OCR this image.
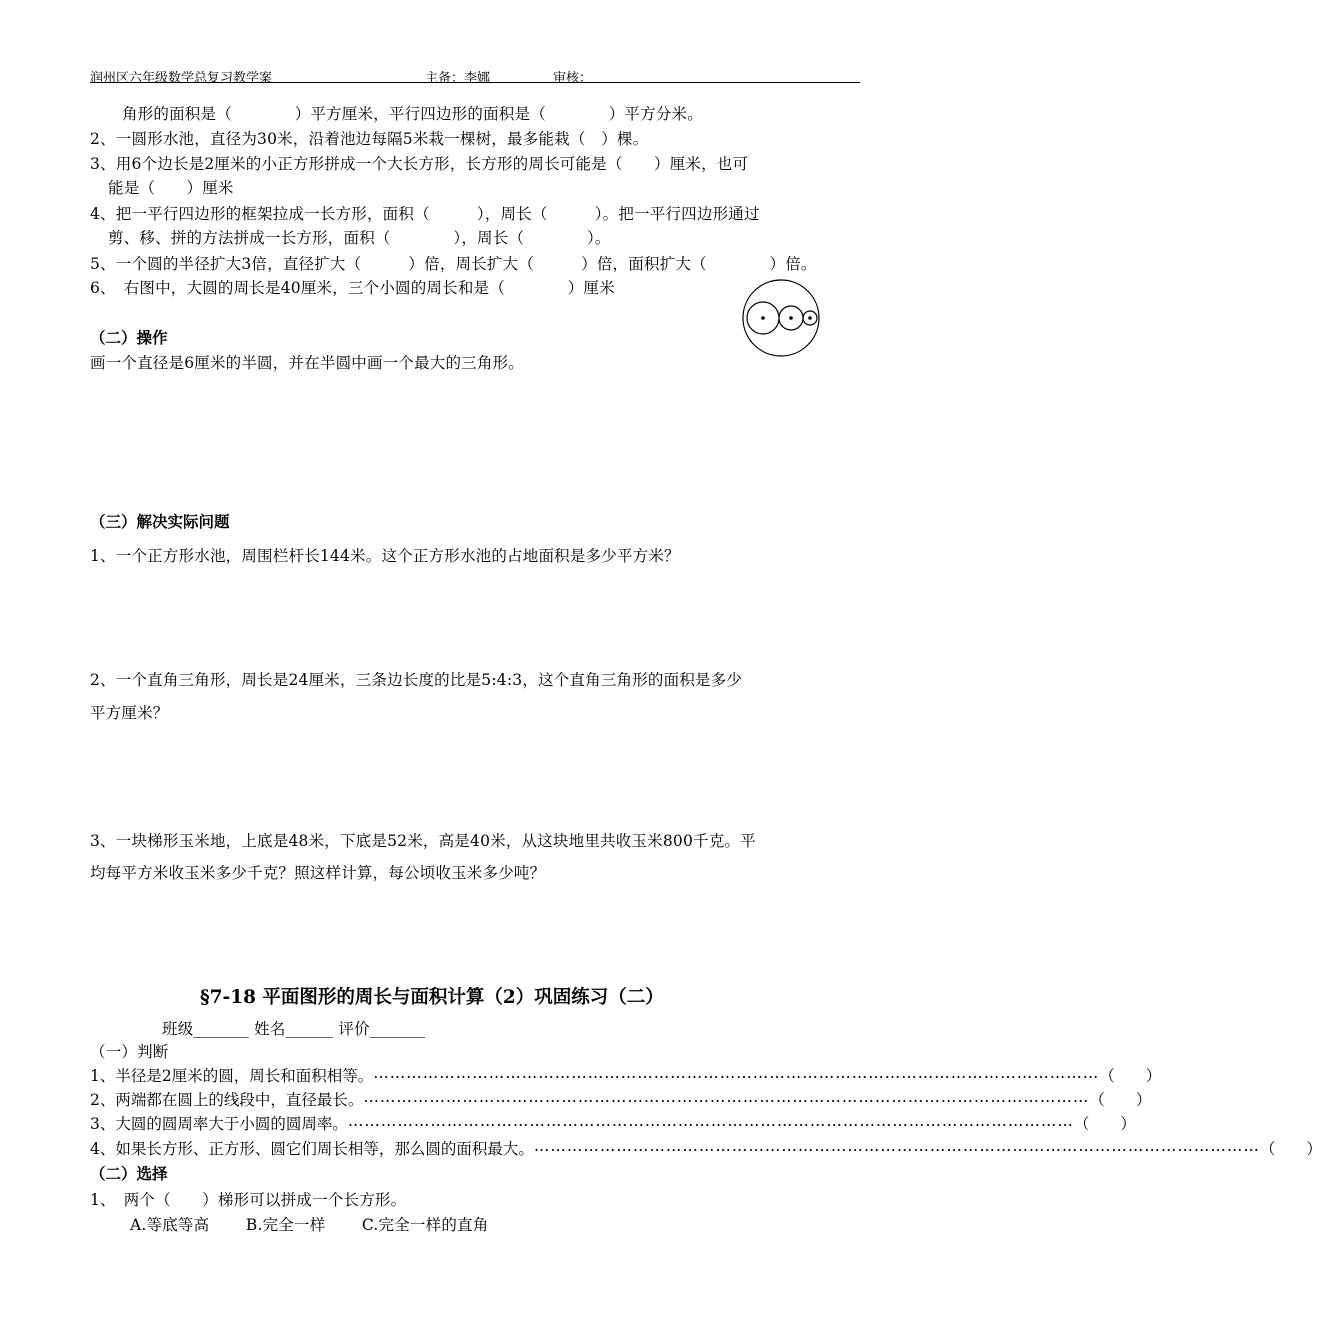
润州区六年级数学总复习教学案	主备：李娜	审核：
角形的面积是（　　　　）平方厘米，平行四边形的面积是（　　　　）平方分米。
2、一圆形水池，直径为30米，沿着池边每隔5米栽一棵树，最多能栽（　）棵。
3、用6个边长是2厘米的小正方形拼成一个大长方形，长方形的周长可能是（　　）厘米，也可
能是（　　）厘米
4、把一平行四边形的框架拉成一长方形，面积（　　　），周长（　　　）。把一平行四边形通过
剪、移、拼的方法拼成一长方形，面积（　　　　），周长（　　　　）。
5、一个圆的半径扩大3倍，直径扩大（　　　）倍，周长扩大（　　　）倍，面积扩大（　　　　）倍。
6、　右图中，大圆的周长是40厘米，三个小圆的周长和是（　　　　）厘米
（二）操作
画一个直径是6厘米的半圆，并在半圆中画一个最大的三角形。
（三）解决实际问题
1、一个正方形水池，周围栏杆长144米。这个正方形水池的占地面积是多少平方米？
2、一个直角三角形，周长是24厘米，三条边长度的比是5:4:3，这个直角三角形的面积是多少
平方厘米？
3、一块梯形玉米地，上底是48米，下底是52米，高是40米，从这块地里共收玉米800千克。平
均每平方米收玉米多少千克？照这样计算，每公顷收玉米多少吨？
§7-18 平面图形的周长与面积计算（2）巩固练习（二）
班级_______ 姓名______ 评价_______
（一）判断
1、半径是2厘米的圆，周长和面积相等。 …………………………………………………………………………………………………………………… （　　）
2、两端都在圆上的线段中，直径最长。 …………………………………………………………………………………………………………………… （　　）
3、大圆的圆周率大于小圆的圆周率。 …………………………………………………………………………………………………………………… （　　）
4、如果长方形、正方形、圆它们周长相等，那么圆的面积最大。 …………………………………………………………………………………………………………………… （　　）
（二）选择
1、　两个（　　）梯形可以拼成一个长方形。
A.等底等高　　 B.完全一样　　 C.完全一样的直角
